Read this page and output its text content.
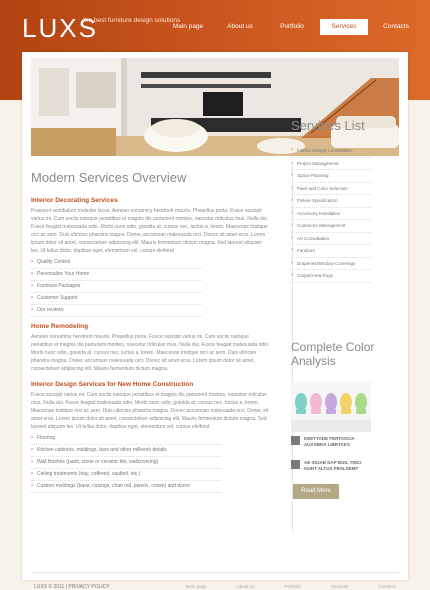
LUXS
the best furniture design solutions
Main page	About us	Portfolio	Services	Contacts
Modern Services Overview
Interior Decorating Services
Praesent vestibulum molestie lacus. Aenean nonummy hendrerit mauris. Phasellus porta. Fusce suscipit varius mi. Cum sociis natoque penatibus et magnis dis parturient montes, nascetur ridiculus mus. Nulla dui. Fusce feugiat malesuada odio. Morbi nunc odio, gravida at, cursus nec, luctus a, lorem. Maecenas tristique orci ac sem. Duis ultricies pharetra magna. Donec accumsan malesuada orci. Donec sit amet eros. Lorem ipsum dolor sit amet, consectetuer adipiscing elit. Mauris fermentum dictum magna. Sed laoreet aliquam leo. Ut tellus dolor, dapibus eget, elementum vel, cursus eleifend
› Quality Control
› Personalize Your Home
› Furniture Packages
› Customer Support
› Our reviews
Home Remodeling
Aenean nonummy hendrerit mauris. Phasellus porta. Fusce suscipit varius mi. Cum sociis natoque penatibus et magnis dis parturient montes, nascetur ridiculus mus. Nulla dui. Fusce feugiat malesuada odio. Morbi nunc odio, gravida at, cursus nec, luctus a, lorem. Maecenas tristique orci ac sem. Duis ultricies pharetra magna. Donec accumsan malesuada orci. Donec sit amet eros. Lorem ipsum dolor sit amet, consectetuer adipiscing elit. Mauris fermentum dictum magna.
Interior Design Services for New Home Construction
Fusce suscipit varius mi. Cum sociis natoque penatibus et magnis dis parturient montes, nascetur ridiculus mus. Nulla dui. Fusce feugiat malesuada odio. Morbi nunc odio, gravida at, cursus nec, luctus a, lorem. Maecenas tristique orci ac sem. Duis ultricies pharetra magna. Donec accumsan malesuada orci. Donec sit amet eros. Lorem ipsum dolor sit amet, consectetuer adipiscing elit. Mauris fermentum dictum magna. Sed laoreet aliquam leo. Ut tellus dolor, dapibus eget, elementum vel, cursus eleifend
› Flooring
› Kitchen cabinets, moldings, bars and other millwork details
› Wall finishes (paint, stone or ceramic tile, wallcovering)
› Ceiling treatments (tray, coffered, vaulted, etc.)
› Custom moldings (base, casings, chair rail, panels, crown) and doors
LUXS © 2011 | PRIVACY POLICY	Main page	About us	Portfolio	Services	Contacts
Services List
› Interior Design Consultation
› Project Management
› Space Planning
› Paint and Color Selection
› Fixture Specification
› Accessory Installation
› Contractor Management
› Art Consultation
› Furniture
› Draperies/Window Coverings
› Carpet/Area Rugs
Complete Color Analysis
KEETYADE FERTASCIA AUASBRA LIBRTAKS
AE IOUAB DAP BUIL TINCI OUHT ALTUS FRALSEMT
Read More
